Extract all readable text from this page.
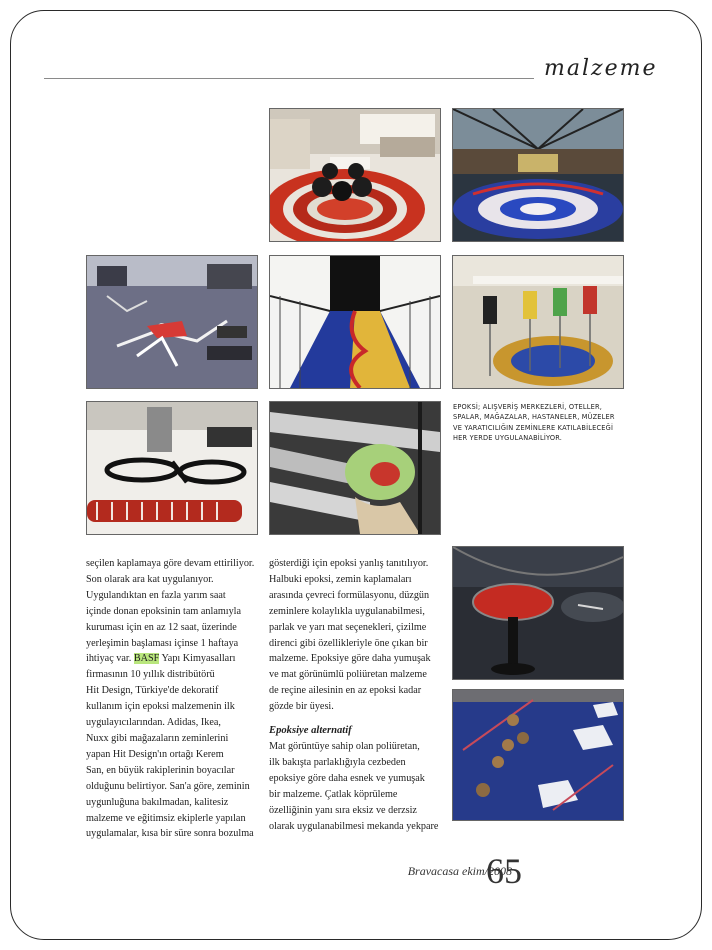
malzeme
EPOKSİ; ALIŞVERİŞ MERKEZLERİ, OTELLER, SPALAR, MAĞAZALAR, HASTANELER, MÜZELER VE YARATICILIĞIN ZEMİNLERE KATILABİLECEĞİ HER YERDE UYGULANABİLİYOR.
seçilen kaplamaya göre devam ettiriliyor.
Son olarak ara kat uygulanıyor.
Uygulandıktan en fazla yarım saat
içinde donan epoksinin tam anlamıyla
kuruması için en az 12 saat, üzerinde
yerleşimin başlaması içinse 1 haftaya
ihtiyaç var. BASF Yapı Kimyasalları
firmasının 10 yıllık distribütörü
Hit Design, Türkiye'de dekoratif
kullanım için epoksi malzemenin ilk
uygulayıcılarından. Adidas, Ikea,
Nuxx gibi mağazaların zeminlerini
yapan Hit Design'ın ortağı Kerem
San, en büyük rakiplerinin boyacılar
olduğunu belirtiyor. San'a göre, zeminin
uygunluğuna bakılmadan, kalitesiz
malzeme ve eğitimsiz ekiplerle yapılan
uygulamalar, kısa bir süre sonra bozulma
gösterdiği için epoksi yanlış tanıtılıyor.
Halbuki epoksi, zemin kaplamaları
arasında çevreci formülasyonu, düzgün
zeminlere kolaylıkla uygulanabilmesi,
parlak ve yarı mat seçenekleri, çizilme
direnci gibi özellikleriyle öne çıkan bir
malzeme. Epoksiye göre daha yumuşak
ve mat görünümlü poliüretan malzeme
de reçine ailesinin en az epoksi kadar
gözde bir üyesi.
Epoksiye alternatif
Mat görüntüye sahip olan poliüretan,
ilk bakışta parlaklığıyla cezbeden
epoksiye göre daha esnek ve yumuşak
bir malzeme. Çatlak köprüleme
özelliğinin yanı sıra eksiz ve derzsiz
olarak uygulanabilmesi mekanda yekpare
Bravacasa ekim/2008
65
